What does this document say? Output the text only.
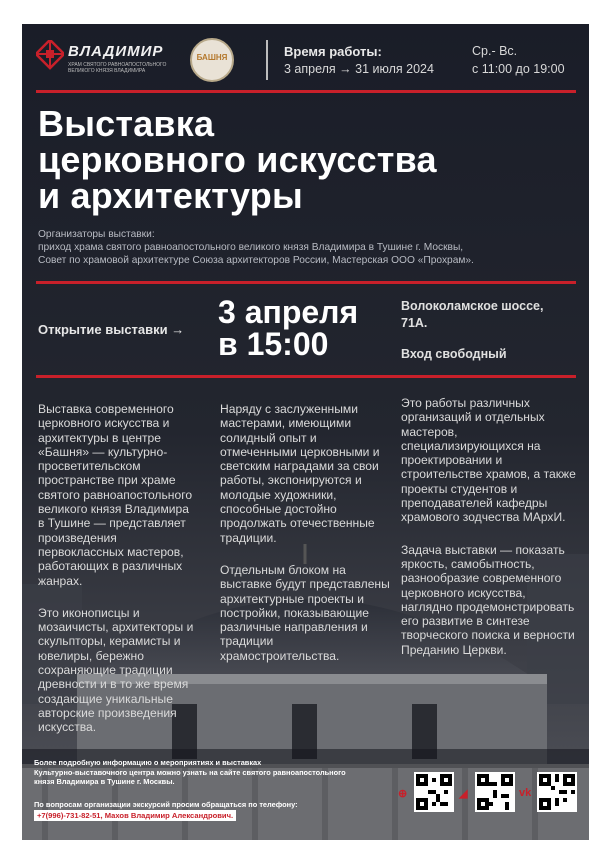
ВЛАДИМИР
ХРАМ СВЯТОГО РАВНОАПОСТОЛЬНОГО ВЕЛИКОГО КНЯЗЯ ВЛАДИМИРА
БАШНЯ	Время работы:
3 апреля → 31 июля 2024
Ср.- Вс.
с 11:00 до 19:00
Выставка
церковного искусства
и архитектуры
Организаторы выставки:
приход храма святого равноапостольного великого князя Владимира в Тушине г. Москвы,
Совет по храмовой архитектуре Союза архитекторов России, Мастерская ООО «Прохрам».
Открытие выставки → 3 апреля
в 15:00
Волоколамское шоссе,
71А.
Вход свободный

Выставка современного церковного искусства и архитектуры в центре «Башня» — культурно-просветительском пространстве при храме святого равноапостольного великого князя Владимира в Тушине — представляет произведения первоклассных мастеров, работающих в различных жанрах.

Это иконописцы и мозаичисты, архитекторы и скульпторы, керамисты и ювелиры, бережно сохраняющие традиции древности и в то же время создающие уникальные авторские произведения искусства.

Наряду с заслуженными мастерами, имеющими солидный опыт и отмеченными церковными и светским наградами за свои работы, экспонируются и молодые художники, способные достойно продолжать отечественные традиции.

Отдельным блоком на выставке будут представлены архитектурные проекты и постройки, показывающие различные направления и традиции храмостроительства.

Это работы различных организаций и отдельных мастеров, специализирующихся на проектировании и строительстве храмов, а также проекты студентов и преподавателей кафедры храмового зодчества МАрхИ.

Задача выставки — показать яркость, самобытность, разнообразие современного церковного искусства, наглядно продемонстрировать его развитие в синтезе творческого поиска и верности Преданию Церкви.

Более подробную информацию о мероприятиях и выставках
Культурно-выставочного центра можно узнать на сайте святого равноапостольного
князя Владимира в Тушине г. Москвы.
По вопросам организации экскурсий просим обращаться по телефону:
+7(996)-731-82-51, Махов Владимир Александрович.
⊕	◢	vk
